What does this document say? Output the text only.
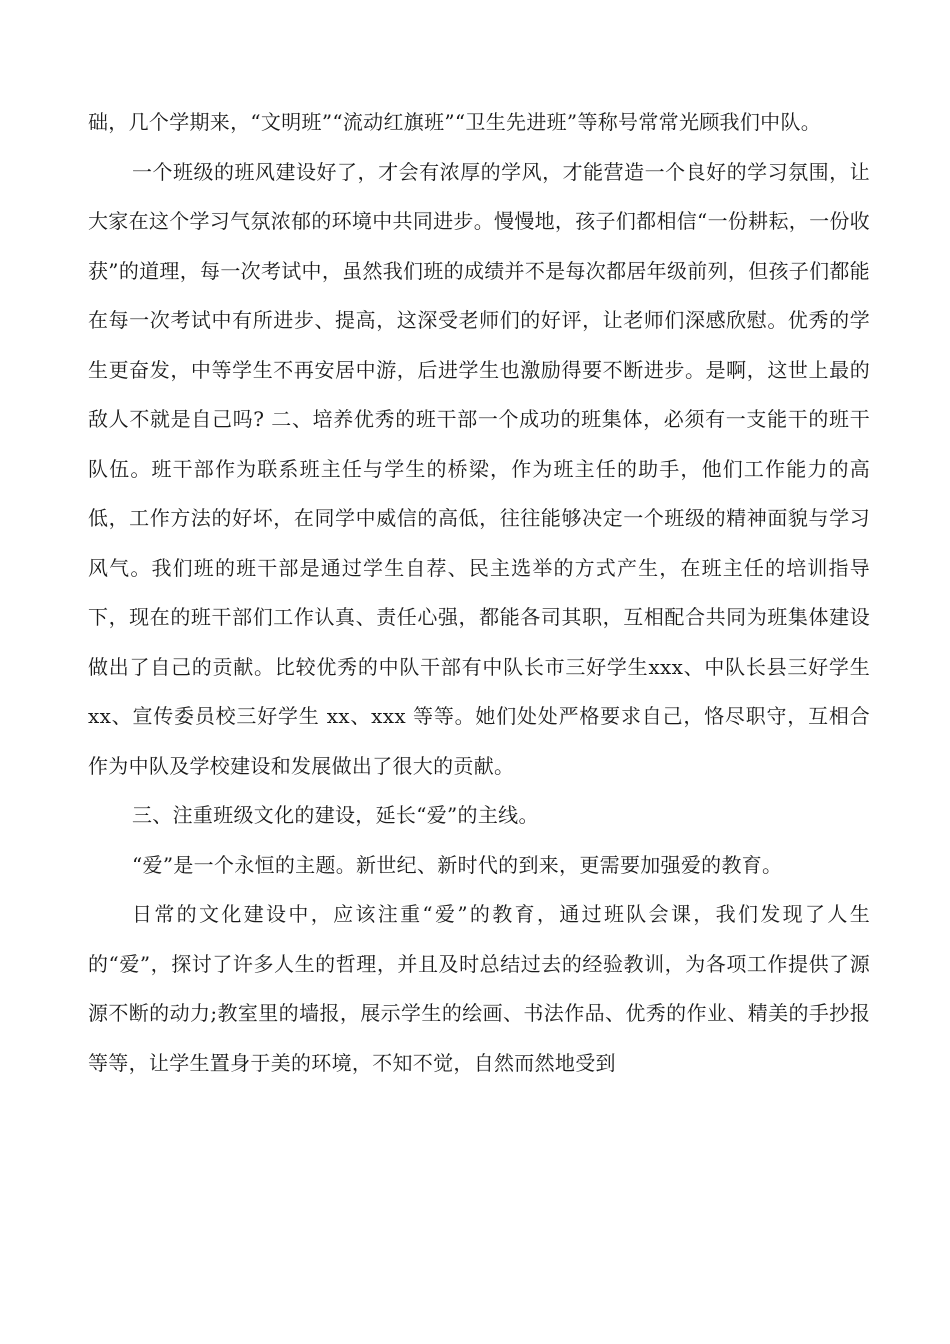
础，几个学期来，“文明班”“流动红旗班”“卫生先进班”等称号常常光顾我们中队。

一个班级的班风建设好了，才会有浓厚的学风，才能营造一个良好的学习氛围，让大家在这个学习气氛浓郁的环境中共同进步。慢慢地，孩子们都相信“一份耕耘，一份收获”的道理，每一次考试中，虽然我们班的成绩并不是每次都居年级前列，但孩子们都能在每一次考试中有所进步、提高，这深受老师们的好评，让老师们深感欣慰。优秀的学生更奋发，中等学生不再安居中游，后进学生也激励得要不断进步。是啊，这世上最的敌人不就是自己吗? 二、培养优秀的班干部一个成功的班集体，必须有一支能干的班干队伍。班干部作为联系班主任与学生的桥梁，作为班主任的助手，他们工作能力的高低，工作方法的好坏，在同学中威信的高低，往往能够决定一个班级的精神面貌与学习风气。我们班的班干部是通过学生自荐、民主选举的方式产生，在班主任的培训指导下，现在的班干部们工作认真、责任心强，都能各司其职，互相配合共同为班集体建设做出了自己的贡献。比较优秀的中队干部有中队长市三好学生xxx、中队长县三好学生xx、宣传委员校三好学生 xx、xxx 等等。她们处处严格要求自己，恪尽职守，互相合作为中队及学校建设和发展做出了很大的贡献。

三、注重班级文化的建设，延长“爱”的主线。

“爱”是一个永恒的主题。新世纪、新时代的到来，更需要加强爱的教育。

日常的文化建设中，应该注重“爱”的教育，通过班队会课，我们发现了人生的“爱”，探讨了许多人生的哲理，并且及时总结过去的经验教训，为各项工作提供了源源不断的动力;教室里的墙报，展示学生的绘画、书法作品、优秀的作业、精美的手抄报等等，让学生置身于美的环境，不知不觉，自然而然地受到
